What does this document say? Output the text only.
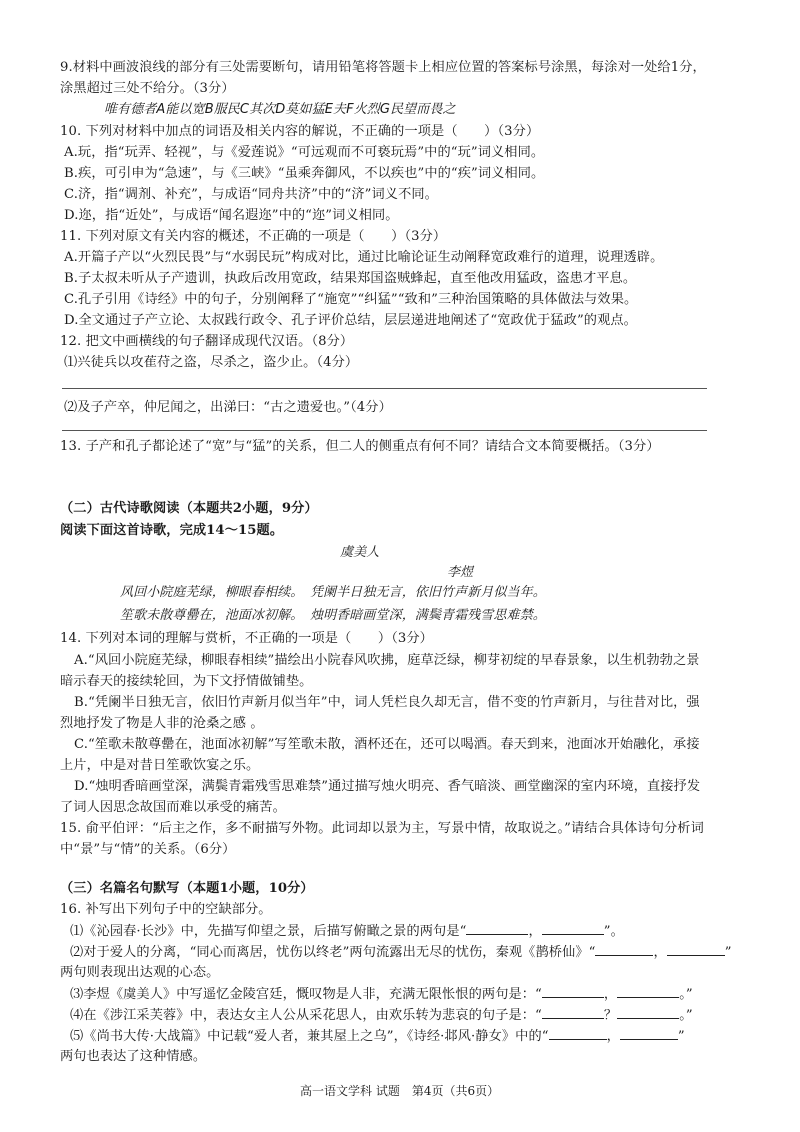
9.材料中画波浪线的部分有三处需要断句，请用铅笔将答题卡上相应位置的答案标号涂黑，每涂对一处给1分，
涂黑超过三处不给分。（3分）
唯有德者A能以宽B服民C其次D莫如猛E夫F火烈G民望而畏之
10. 下列对材料中加点的词语及相关内容的解说，不正确的一项是（　　）（3分）
A.玩，指“玩弄、轻视”，与《爱莲说》“可远观而不可亵玩焉”中的“玩”词义相同。
B.疾，可引申为“急速”，与《三峡》“虽乘奔御风，不以疾也”中的“疾”词义相同。
C.济，指“调剂、补充”，与成语“同舟共济”中的“济”词义不同。
D.迩，指“近处”，与成语“闻名遐迩”中的“迩”词义相同。
11. 下列对原文有关内容的概述，不正确的一项是（　　）（3分）
A.开篇子产以“火烈民畏”与“水弱民玩”构成对比，通过比喻论证生动阐释宽政难行的道理，说理透辟。
B.子太叔未听从子产遗训，执政后改用宽政，结果郑国盗贼蜂起，直至他改用猛政，盗患才平息。
C.孔子引用《诗经》中的句子，分别阐释了“施宽”“纠猛”“致和”三种治国策略的具体做法与效果。
D.全文通过子产立论、太叔践行政令、孔子评价总结，层层递进地阐述了“宽政优于猛政”的观点。
12. 把文中画横线的句子翻译成现代汉语。（8分）
⑴兴徒兵以攻萑苻之盗，尽杀之，盗少止。（4分）
⑵及子产卒，仲尼闻之，出涕曰：“古之遗爱也。”（4分）
13. 子产和孔子都论述了“宽”与“猛”的关系，但二人的侧重点有何不同？请结合文本简要概括。（3分）
（二）古代诗歌阅读（本题共2小题，9分）
阅读下面这首诗歌，完成14～15题。
虞美人
李煜
风回小院庭芜绿，柳眼春相续。　凭阑半日独无言，依旧竹声新月似当年。
笙歌未散尊罍在，池面冰初解。　烛明香暗画堂深，满鬓青霜残雪思难禁。
14. 下列对本词的理解与赏析，不正确的一项是（　　）（3分）
A.“风回小院庭芜绿，柳眼春相续”描绘出小院春风吹拂，庭草泛绿，柳芽初绽的早春景象，以生机勃勃之景
暗示春天的接续轮回，为下文抒情做铺垫。
B.“凭阑半日独无言，依旧竹声新月似当年”中，词人凭栏良久却无言，借不变的竹声新月，与往昔对比，强
烈地抒发了物是人非的沧桑之感 。
C.“笙歌未散尊罍在，池面冰初解”写笙歌未散，酒杯还在，还可以喝酒。春天到来，池面冰开始融化，承接
上片，中是对昔日笙歌饮宴之乐。
D.“烛明香暗画堂深，满鬓青霜残雪思难禁”通过描写烛火明亮、香气暗淡、画堂幽深的室内环境，直接抒发
了词人因思念故国而难以承受的痛苦。
15. 俞平伯评：“后主之作，多不耐描写外物。此词却以景为主，写景中情，故取说之。”请结合具体诗句分析词
中“景”与“情”的关系。（6分）
（三）名篇名句默写（本题1小题，10分）
16. 补写出下列句子中的空缺部分。
⑴《沁园春·长沙》中，先描写仰望之景，后描写俯瞰之景的两句是“	，	”。
⑵对于爱人的分离，“同心而离居，忧伤以终老”两句流露出无尽的忧伤，秦观《鹊桥仙》“	，	”
两句则表现出达观的心态。
⑶李煜《虞美人》中写遥忆金陵宫廷，慨叹物是人非，充满无限怅恨的两句是：“	，	。”
⑷在《涉江采芙蓉》中，表达女主人公从采花思人，由欢乐转为悲哀的句子是：“	？	。”
⑸《尚书大传·大战篇》中记载“爱人者，兼其屋上之乌”，《诗经·邶风·静女》中的“	，	”
两句也表达了这种情感。
高一语文学科 试题　第4页（共6页）
